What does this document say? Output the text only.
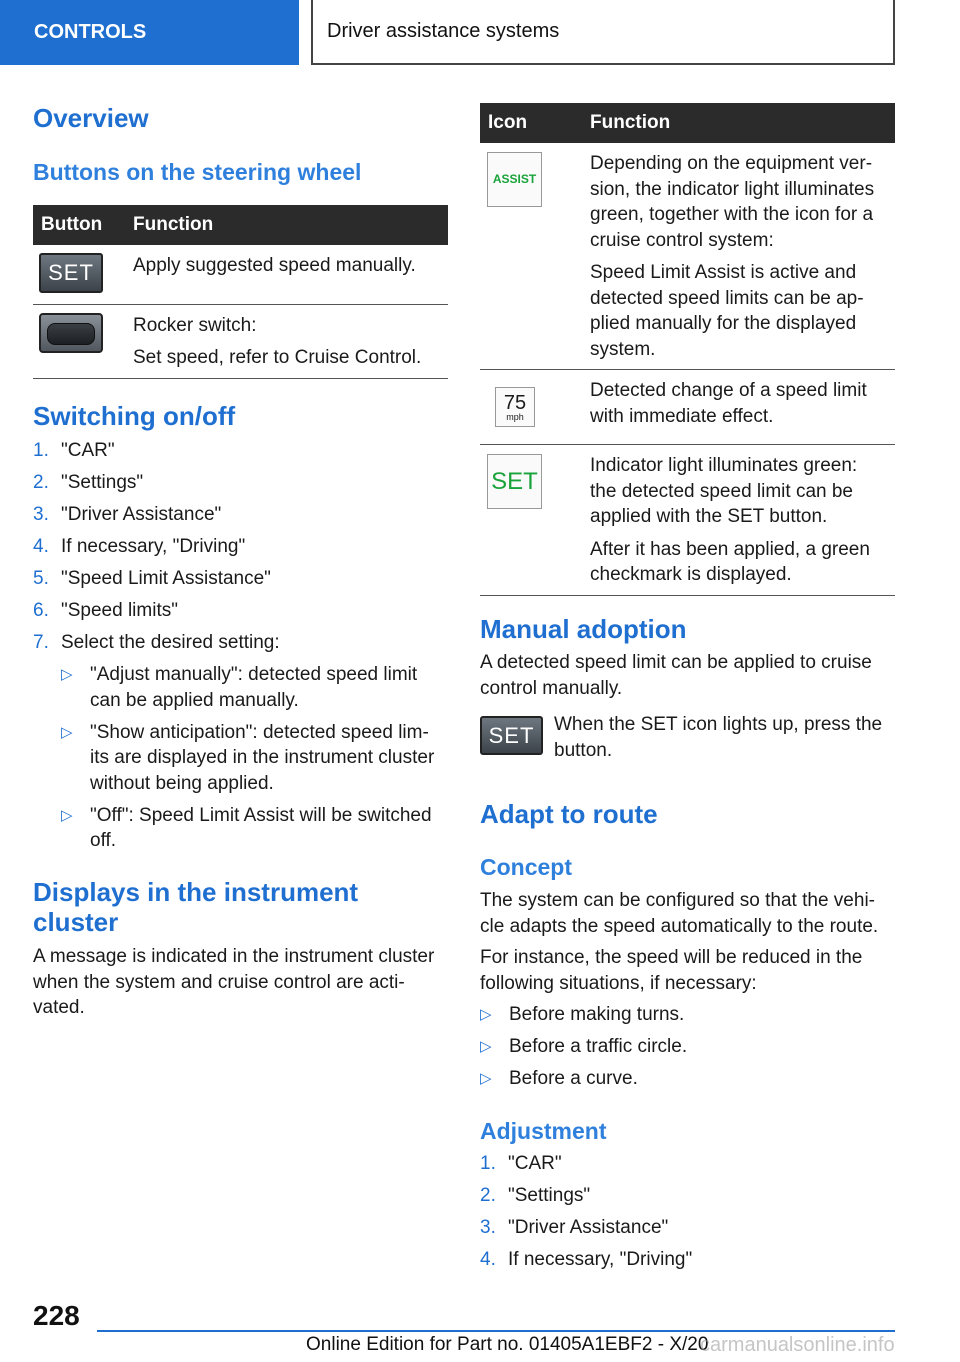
CONTROLS	Driver assistance systems
Overview
Buttons on the steering wheel
Button	Function

SET	Apply suggested speed manually.

	Rocker switch:

Set speed, refer to Cruise Control.

Switching on/off
1. "CAR"
2. "Settings"
3. "Driver Assistance"
4. If necessary, "Driving"
5. "Speed Limit Assistance"
6. "Speed limits"
7. Select the desired setting:
▷ "Adjust manually": detected speed limit can be applied manually.
▷ "Show anticipation": detected speed lim‐its are displayed in the instrument cluster without being applied.
▷ "Off": Speed Limit Assist will be switched off.
Displays in the instrument cluster

A message is indicated in the instrument cluster when the system and cruise control are acti‐vated.

Icon	Function

ASSIST	Depending on the equipment ver‐sion, the indicator light illuminates green, together with the icon for a cruise control system:

Speed Limit Assist is active and detected speed limits can be ap‐plied manually for the displayed system.

75
mph	Detected change of a speed limit with immediate effect.

SET	Indicator light illuminates green: the detected speed limit can be applied with the SET button.

After it has been applied, a green checkmark is displayed.

Manual adoption

A detected speed limit can be applied to cruise control manually.

SET	When the SET icon lights up, press the button.

Adapt to route
Concept

The system can be configured so that the vehi‐cle adapts the speed automatically to the route.

For instance, the speed will be reduced in the following situations, if necessary:

▷ Before making turns.
▷ Before a traffic circle.
▷ Before a curve.
Adjustment
1. "CAR"
2. "Settings"
3. "Driver Assistance"
4. If necessary, "Driving"
228
Online Edition for Part no. 01405A1EBF2 - X/20
carmanualsonline.info
